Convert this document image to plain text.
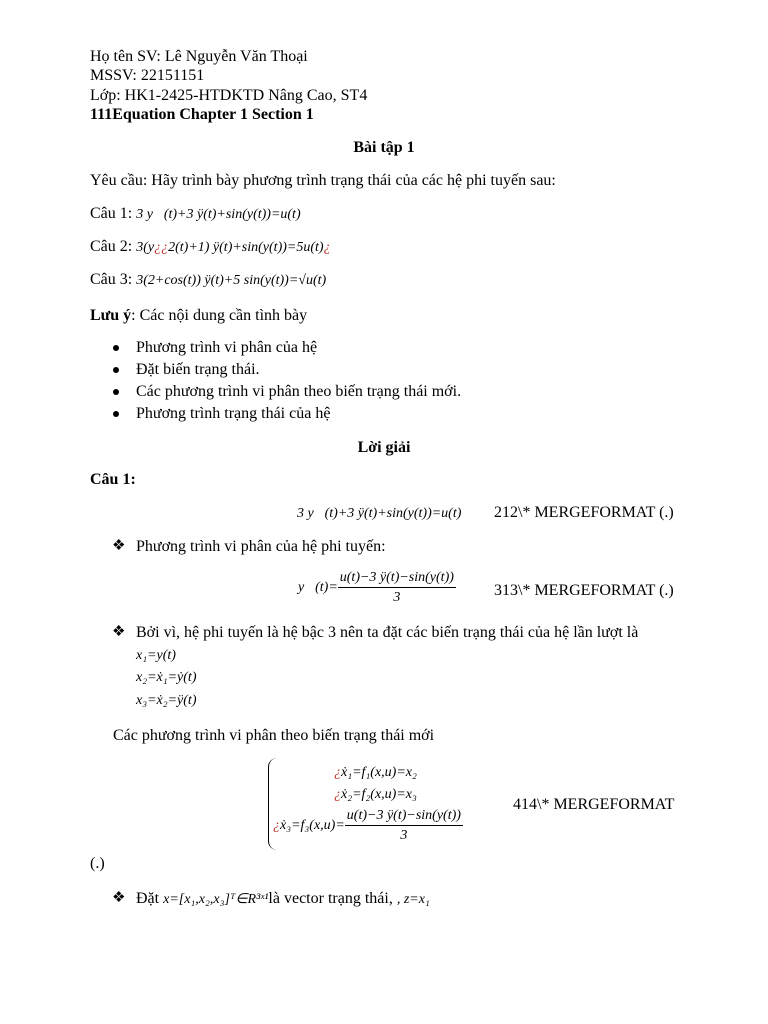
Họ tên SV: Lê Nguyễn Văn Thoại
MSSV: 22151151
Lớp: HK1-2425-HTDKTD Nâng Cao, ST4
111Equation Chapter 1 Section 1
Bài tập 1
Yêu cầu: Hãy trình bày phương trình trạng thái của các hệ phi tuyến sau:
Câu 1: 3 y⃛(t)+3 ÿ(t)+sin(y(t))=u(t)
Câu 2: 3(y¿¿2(t)+1) ÿ(t)+sin(y(t))=5u(t)¿
Câu 3: 3(2+cos(t)) ÿ(t)+5 sin(y(t))=√u(t)
Lưu ý: Các nội dung cần tình bày
Phương trình vi phân của hệ
Đặt biến trạng thái.
Các phương trình vi phân theo biến trạng thái mới.
Phương trình trạng thái của hệ
Lời giải
Câu 1:
3 y⃛(t)+3 ÿ(t)+sin(y(t))=u(t) 212\* MERGEFORMAT (.)
❖ Phương trình vi phân của hệ phi tuyến:
y⃛(t)= $\frac{u(t)-3 ÿ(t)-\sin(y(t))}{3}$ 313\* MERGEFORMAT (.)
❖ Bởi vì, hệ phi tuyến là hệ bậc 3 nên ta đặt các biến trạng thái của hệ lần lượt là
x₁=y(t)
x₂=ẋ₁=ẏ(t)
x₃=ẋ₂=ÿ(t)
Các phương trình vi phân theo biến trạng thái mới
¿ẋ₁=f₁(x,u)=x₂
¿ẋ₂=f₂(x,u)=x₃
¿ẋ₃=f₃(x,u)= $\frac{u(t)-3 ÿ(t)-\sin(y(t))}{3}$
414\* MERGEFORMAT
(.)
❖ Đặt x=[x₁,x₂,x₃]ᵀ∈R³ˣ¹là vector trạng thái, , z=x₁
